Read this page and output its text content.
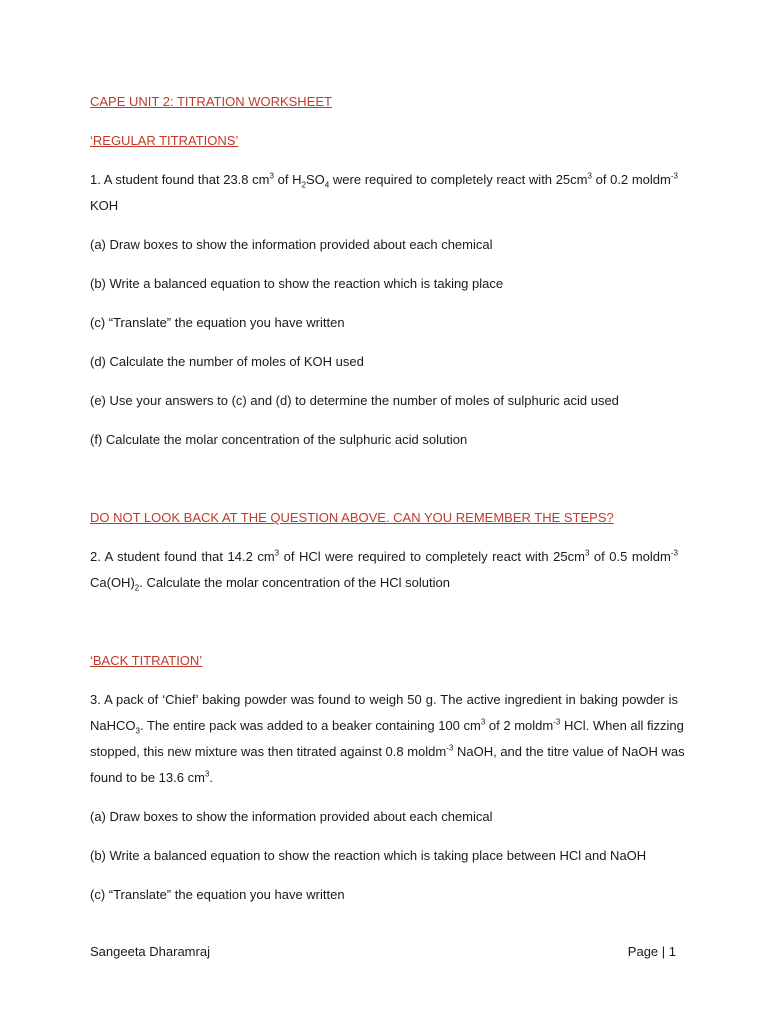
CAPE UNIT 2: TITRATION WORKSHEET
‘REGULAR TITRATIONS’
1. A student found that 23.8 $cm^3$ of $H_2SO_4$ were required to completely react with $25cm^3$ of 0.2 moldm$^{-3}$
KOH
(a) Draw boxes to show the information provided about each chemical
(b) Write a balanced equation to show the reaction which is taking place
(c) “Translate” the equation you have written
(d) Calculate the number of moles of KOH used
(e) Use your answers to (c) and (d) to determine the number of moles of sulphuric acid used
(f) Calculate the molar concentration of the sulphuric acid solution
DO NOT LOOK BACK AT THE QUESTION ABOVE. CAN YOU REMEMBER THE STEPS?
2. A student found that 14.2 $cm^3$ of HCl were required to completely react with $25cm^3$ of 0.5 moldm$^{-3}$
$Ca(OH)_2$. Calculate the molar concentration of the HCl solution
‘BACK TITRATION’
3. A pack of ‘Chief’ baking powder was found to weigh 50 g. The active ingredient in baking powder is
NaHCO$_3$. The entire pack was added to a beaker containing 100 $cm^3$ of 2 moldm$^{-3}$ HCl. When all fizzing
stopped, this new mixture was then titrated against 0.8 moldm$^{-3}$ NaOH, and the titre value of NaOH was
found to be 13.6 $cm^3$.
(a) Draw boxes to show the information provided about each chemical
(b) Write a balanced equation to show the reaction which is taking place between HCl and NaOH
(c) “Translate” the equation you have written
Sangeeta Dharamraj	Page | 1
